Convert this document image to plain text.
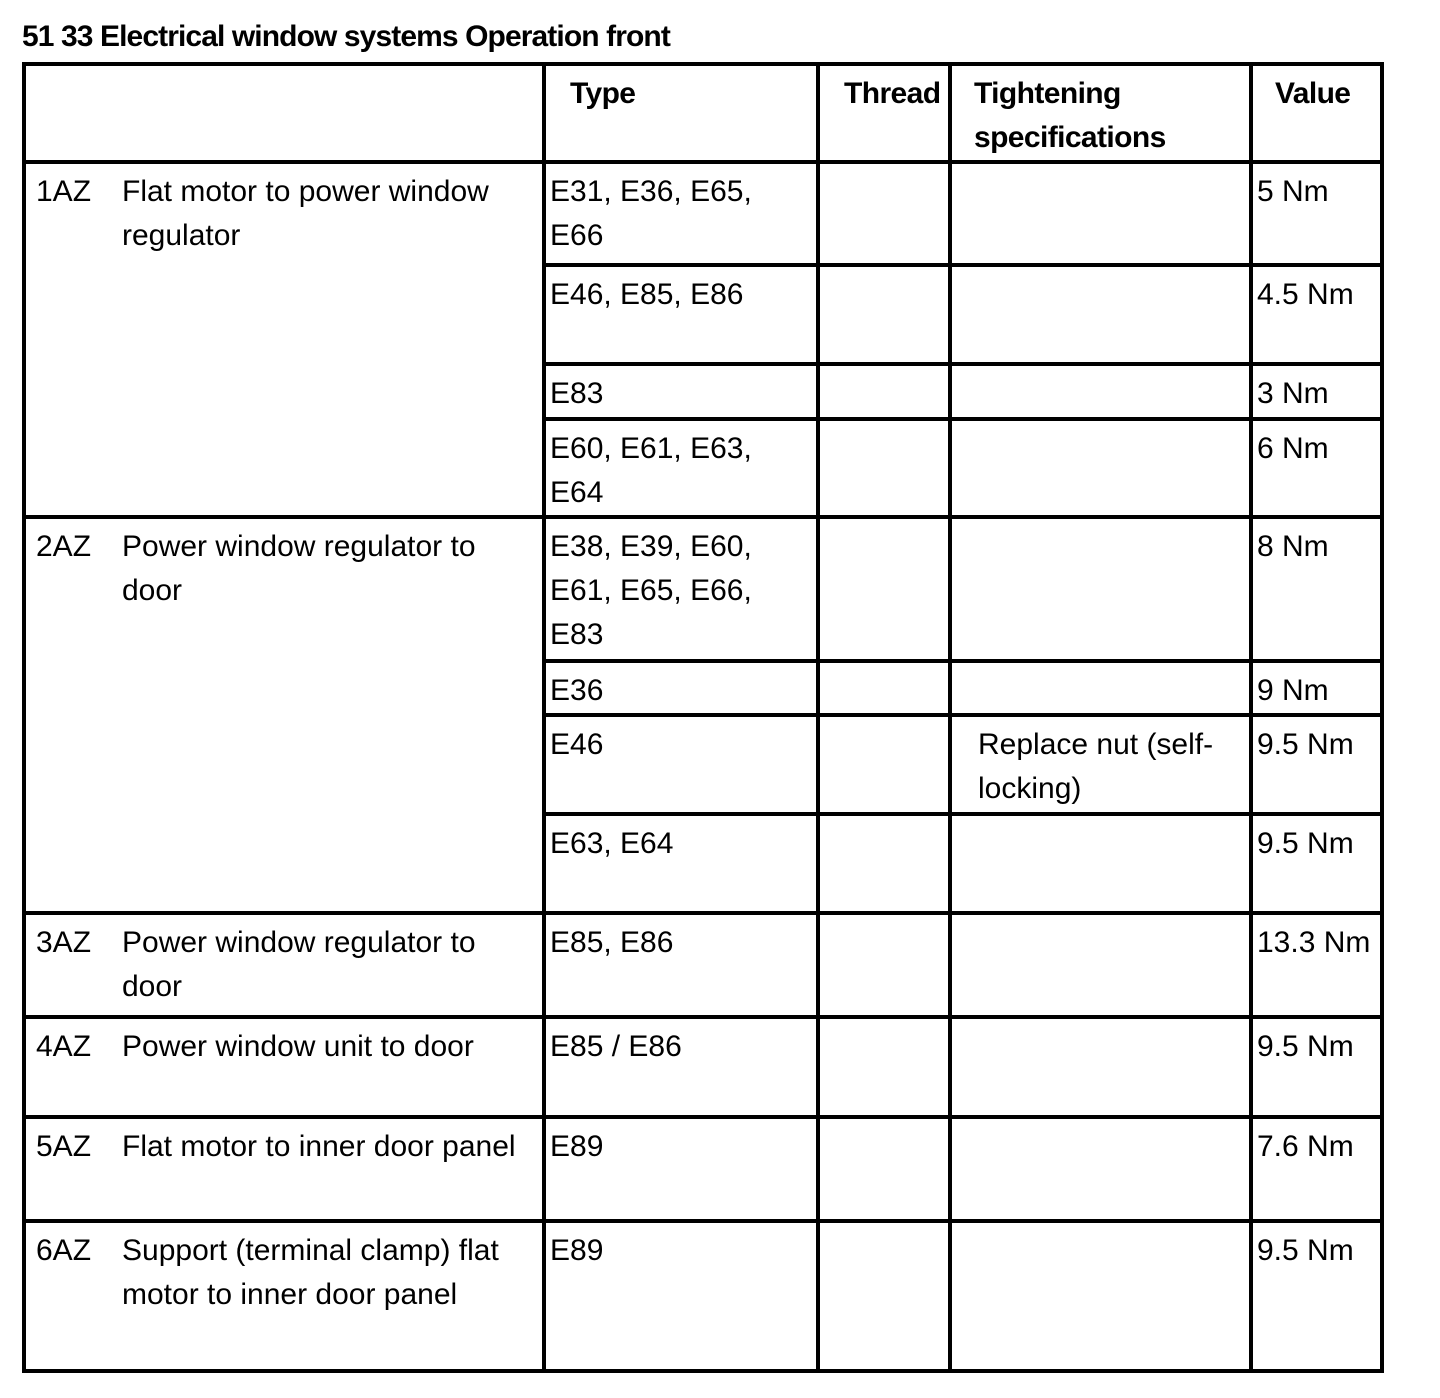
51 33 Electrical window systems Operation front

	Type	Thread	Tightening specifications	Value

1AZ Flat motor to power window regulator	E31, E36, E65, E66			5 Nm

	E46, E85, E86			4.5 Nm

	E83			3 Nm

	E60, E61, E63, E64			6 Nm

2AZ Power window regulator to door	E38, E39, E60, E61, E65, E66, E83			8 Nm

	E36			9 Nm

	E46		Replace nut (self-locking)	9.5 Nm

	E63, E64			9.5 Nm

3AZ Power window regulator to door	E85, E86			13.3 Nm

4AZ Power window unit to door	E85 / E86			9.5 Nm

5AZ Flat motor to inner door panel	E89			7.6 Nm

6AZ Support (terminal clamp) flat motor to inner door panel	E89			9.5 Nm
